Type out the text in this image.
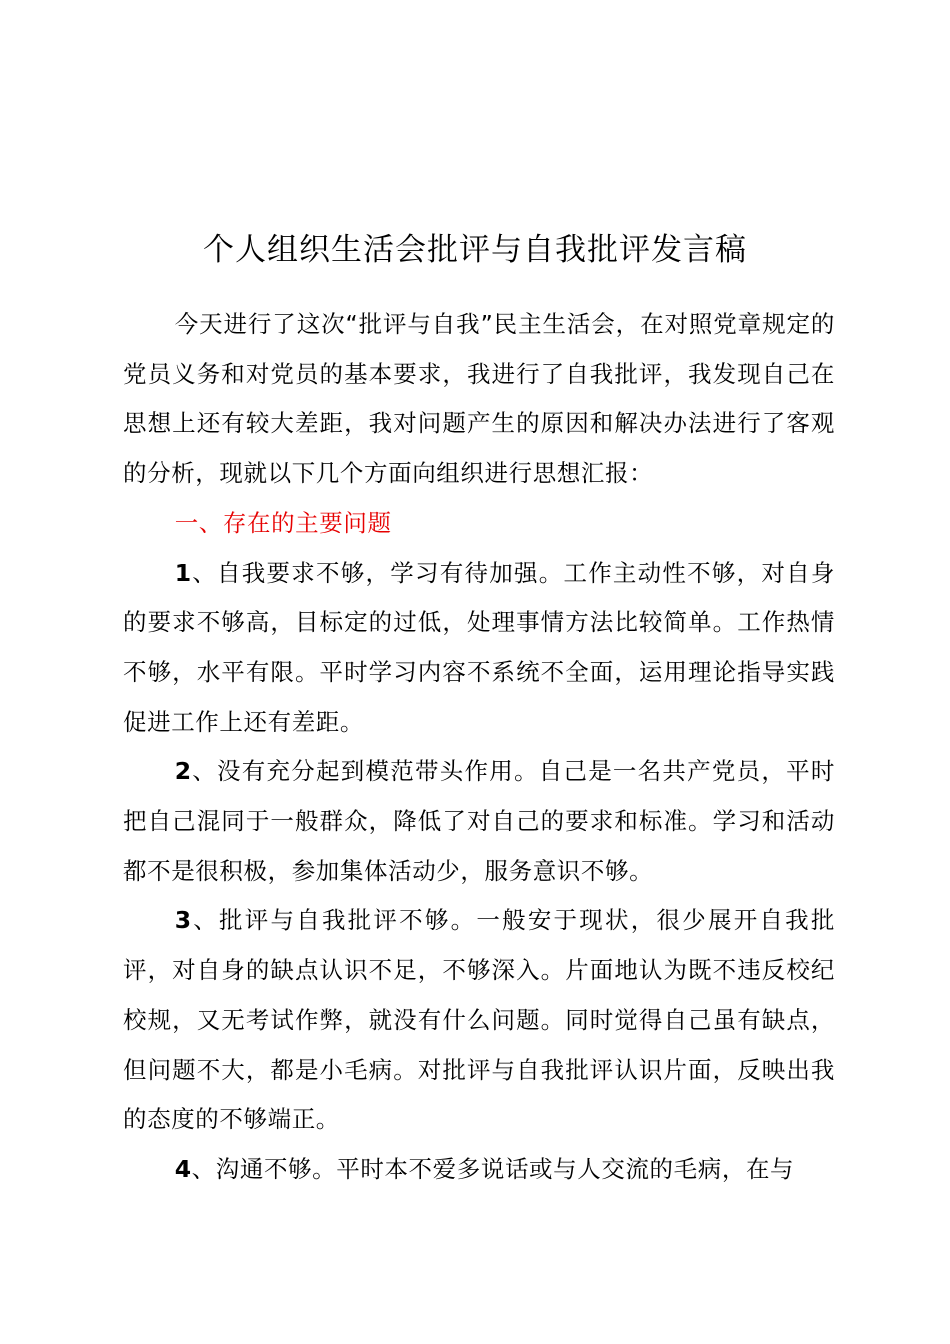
个人组织生活会批评与自我批评发言稿

今天进行了这次“批评与自我”民主生活会，在对照党章规定的党员义务和对党员的基本要求，我进行了自我批评，我发现自己在思想上还有较大差距，我对问题产生的原因和解决办法进行了客观的分析，现就以下几个方面向组织进行思想汇报：

一、存在的主要问题

1、自我要求不够，学习有待加强。工作主动性不够，对自身的要求不够高，目标定的过低，处理事情方法比较简单。工作热情不够，水平有限。平时学习内容不系统不全面，运用理论指导实践促进工作上还有差距。

2、没有充分起到模范带头作用。自己是一名共产党员，平时把自己混同于一般群众，降低了对自己的要求和标准。学习和活动都不是很积极，参加集体活动少，服务意识不够。

3、批评与自我批评不够。一般安于现状，很少展开自我批评，对自身的缺点认识不足，不够深入。片面地认为既不违反校纪校规，又无考试作弊，就没有什么问题。同时觉得自己虽有缺点，但问题不大，都是小毛病。对批评与自我批评认识片面，反映出我的态度的不够端正。

4、沟通不够。平时本不爱多说话或与人交流的毛病，在与
